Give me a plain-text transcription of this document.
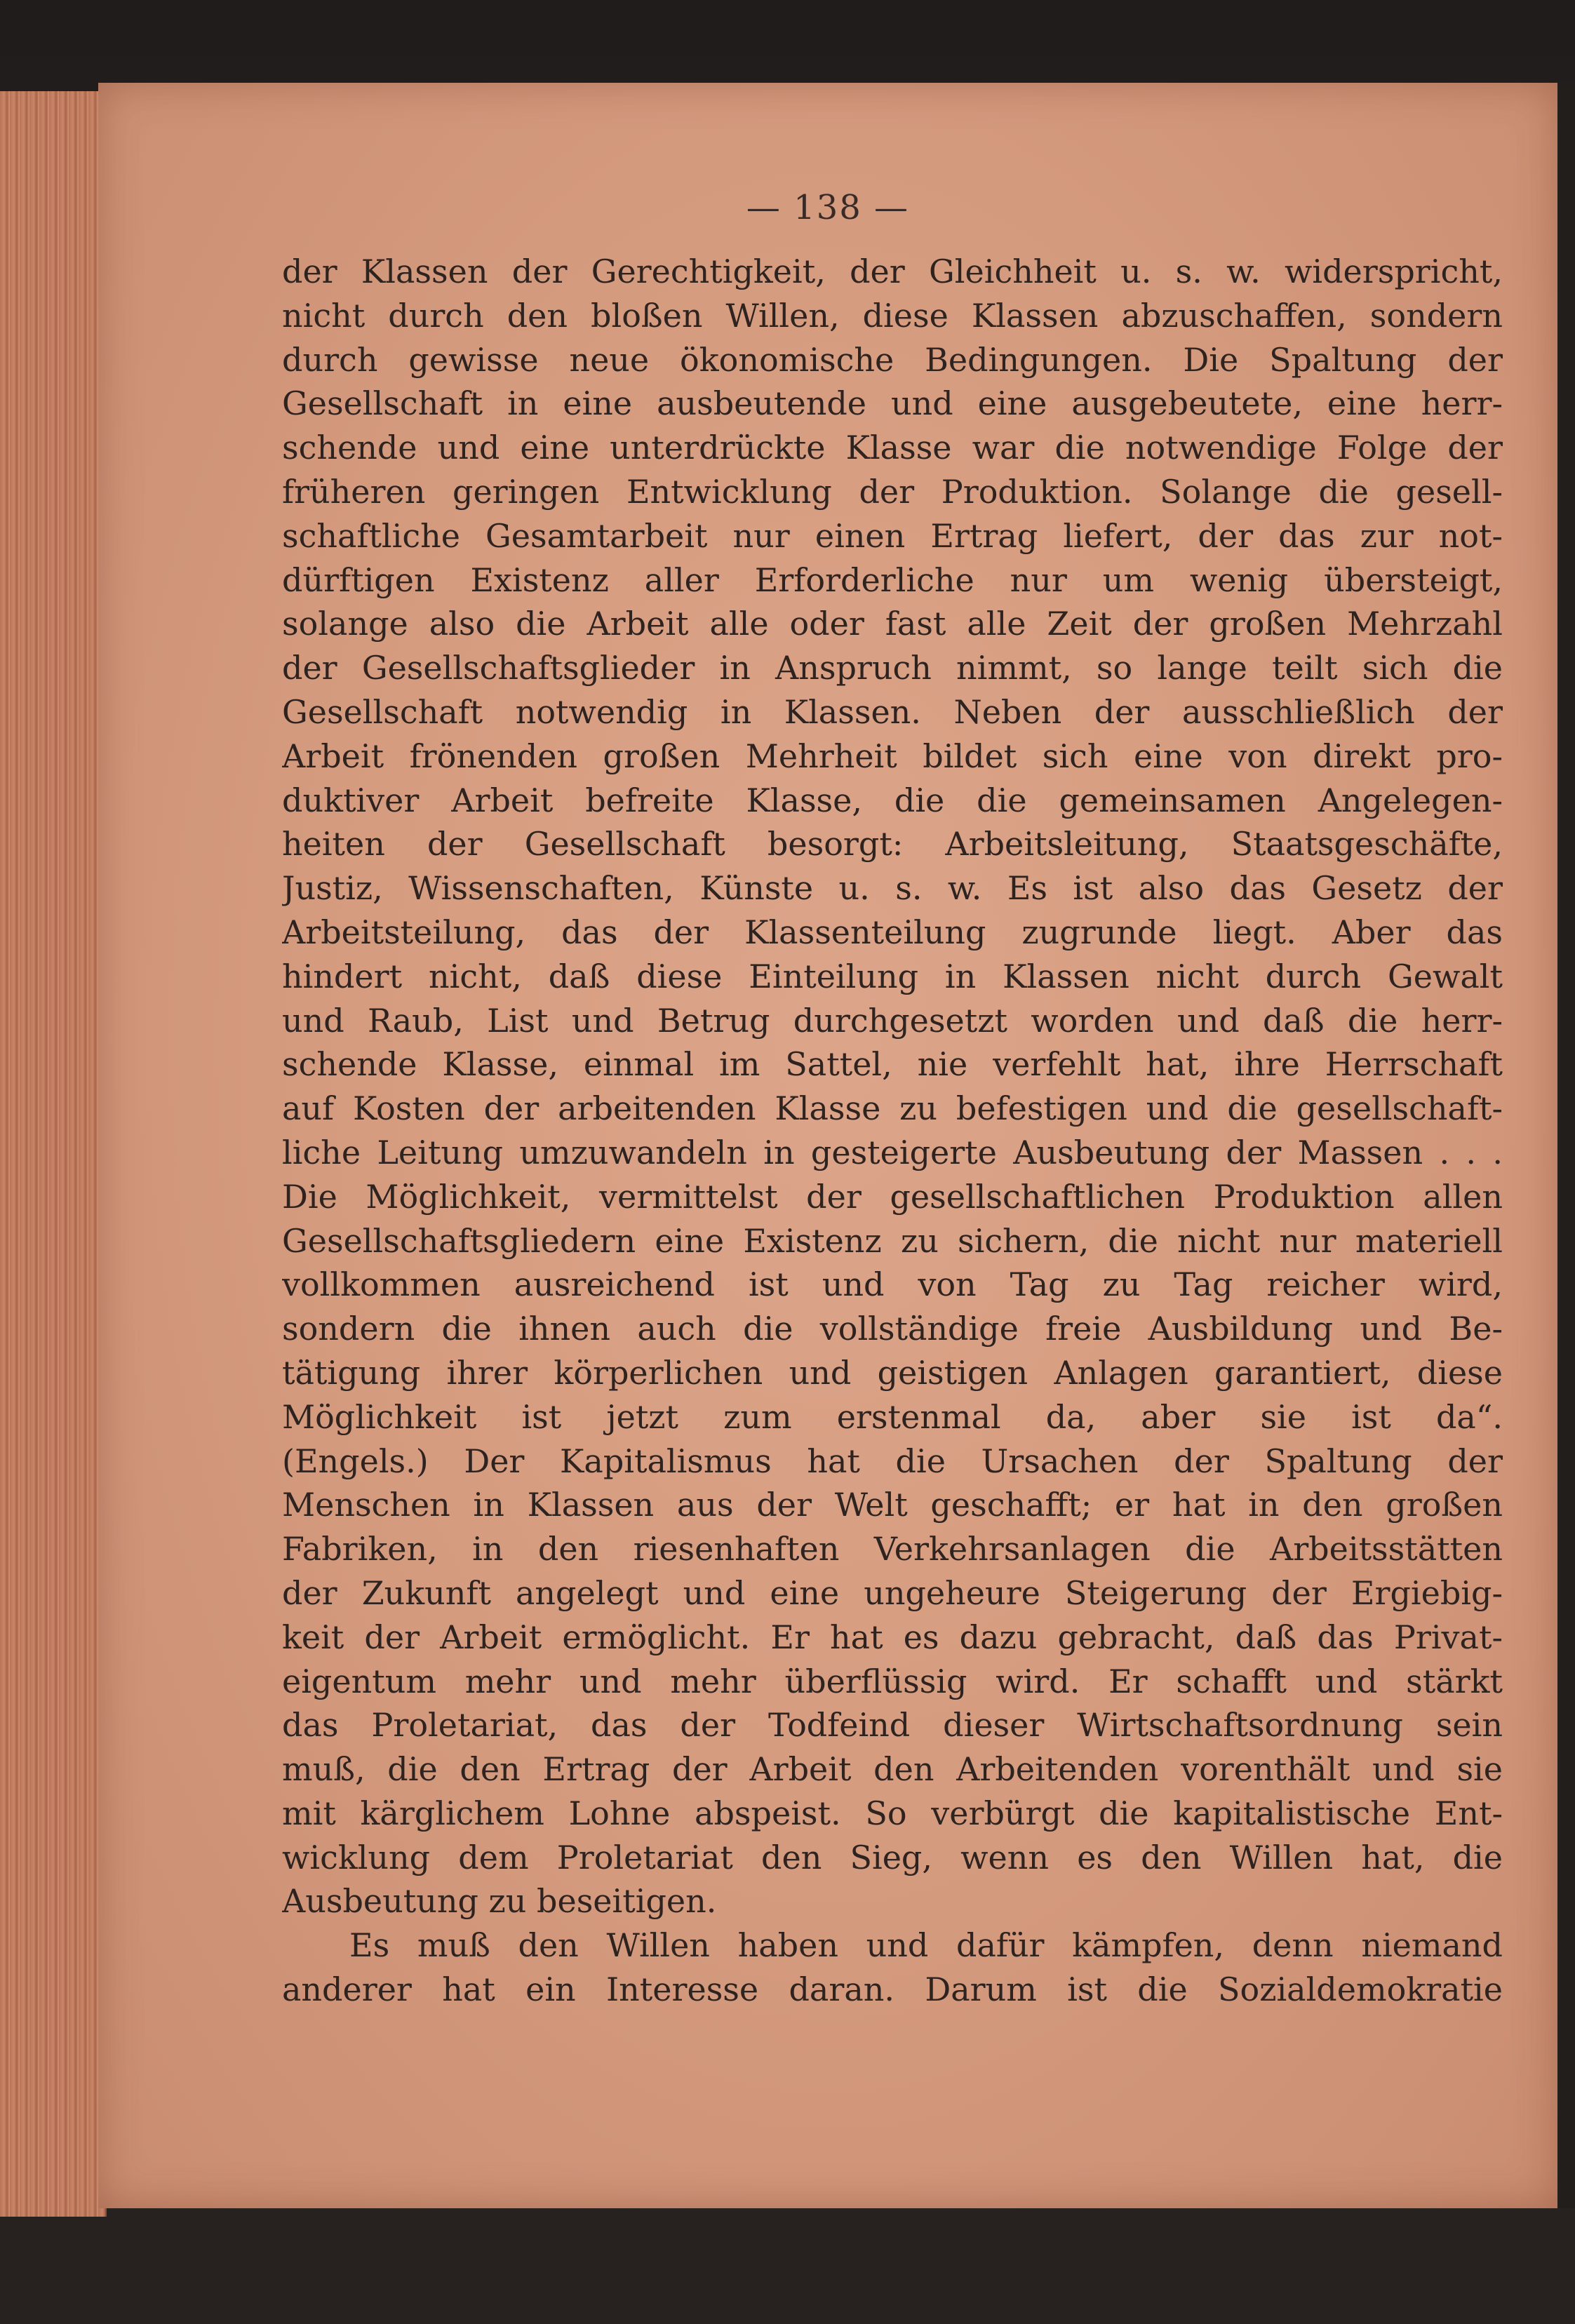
— 138 —
der Klassen der Gerechtigkeit, der Gleichheit u. s. w. widerspricht,
nicht durch den bloßen Willen, diese Klassen abzuschaffen, sondern
durch gewisse neue ökonomische Bedingungen. Die Spaltung der
Gesellschaft in eine ausbeutende und eine ausgebeutete, eine herr-
schende und eine unterdrückte Klasse war die notwendige Folge der
früheren geringen Entwicklung der Produktion. Solange die gesell-
schaftliche Gesamtarbeit nur einen Ertrag liefert, der das zur not-
dürftigen Existenz aller Erforderliche nur um wenig übersteigt,
solange also die Arbeit alle oder fast alle Zeit der großen Mehrzahl
der Gesellschaftsglieder in Anspruch nimmt, so lange teilt sich die
Gesellschaft notwendig in Klassen. Neben der ausschließlich der
Arbeit frönenden großen Mehrheit bildet sich eine von direkt pro-
duktiver Arbeit befreite Klasse, die die gemeinsamen Angelegen-
heiten der Gesellschaft besorgt: Arbeitsleitung, Staatsgeschäfte,
Justiz, Wissenschaften, Künste u. s. w. Es ist also das Gesetz der
Arbeitsteilung, das der Klassenteilung zugrunde liegt. Aber das
hindert nicht, daß diese Einteilung in Klassen nicht durch Gewalt
und Raub, List und Betrug durchgesetzt worden und daß die herr-
schende Klasse, einmal im Sattel, nie verfehlt hat, ihre Herrschaft
auf Kosten der arbeitenden Klasse zu befestigen und die gesellschaft-
liche Leitung umzuwandeln in gesteigerte Ausbeutung der Massen . . .
Die Möglichkeit, vermittelst der gesellschaftlichen Produktion allen
Gesellschaftsgliedern eine Existenz zu sichern, die nicht nur materiell
vollkommen ausreichend ist und von Tag zu Tag reicher wird,
sondern die ihnen auch die vollständige freie Ausbildung und Be-
tätigung ihrer körperlichen und geistigen Anlagen garantiert, diese
Möglichkeit ist jetzt zum erstenmal da, aber sie ist da“.
(Engels.) Der Kapitalismus hat die Ursachen der Spaltung der
Menschen in Klassen aus der Welt geschafft; er hat in den großen
Fabriken, in den riesenhaften Verkehrsanlagen die Arbeitsstätten
der Zukunft angelegt und eine ungeheure Steigerung der Ergiebig-
keit der Arbeit ermöglicht. Er hat es dazu gebracht, daß das Privat-
eigentum mehr und mehr überflüssig wird. Er schafft und stärkt
das Proletariat, das der Todfeind dieser Wirtschaftsordnung sein
muß, die den Ertrag der Arbeit den Arbeitenden vorenthält und sie
mit kärglichem Lohne abspeist. So verbürgt die kapitalistische Ent-
wicklung dem Proletariat den Sieg, wenn es den Willen hat, die
Ausbeutung zu beseitigen.
Es muß den Willen haben und dafür kämpfen, denn niemand
anderer hat ein Interesse daran. Darum ist die Sozialdemokratie
